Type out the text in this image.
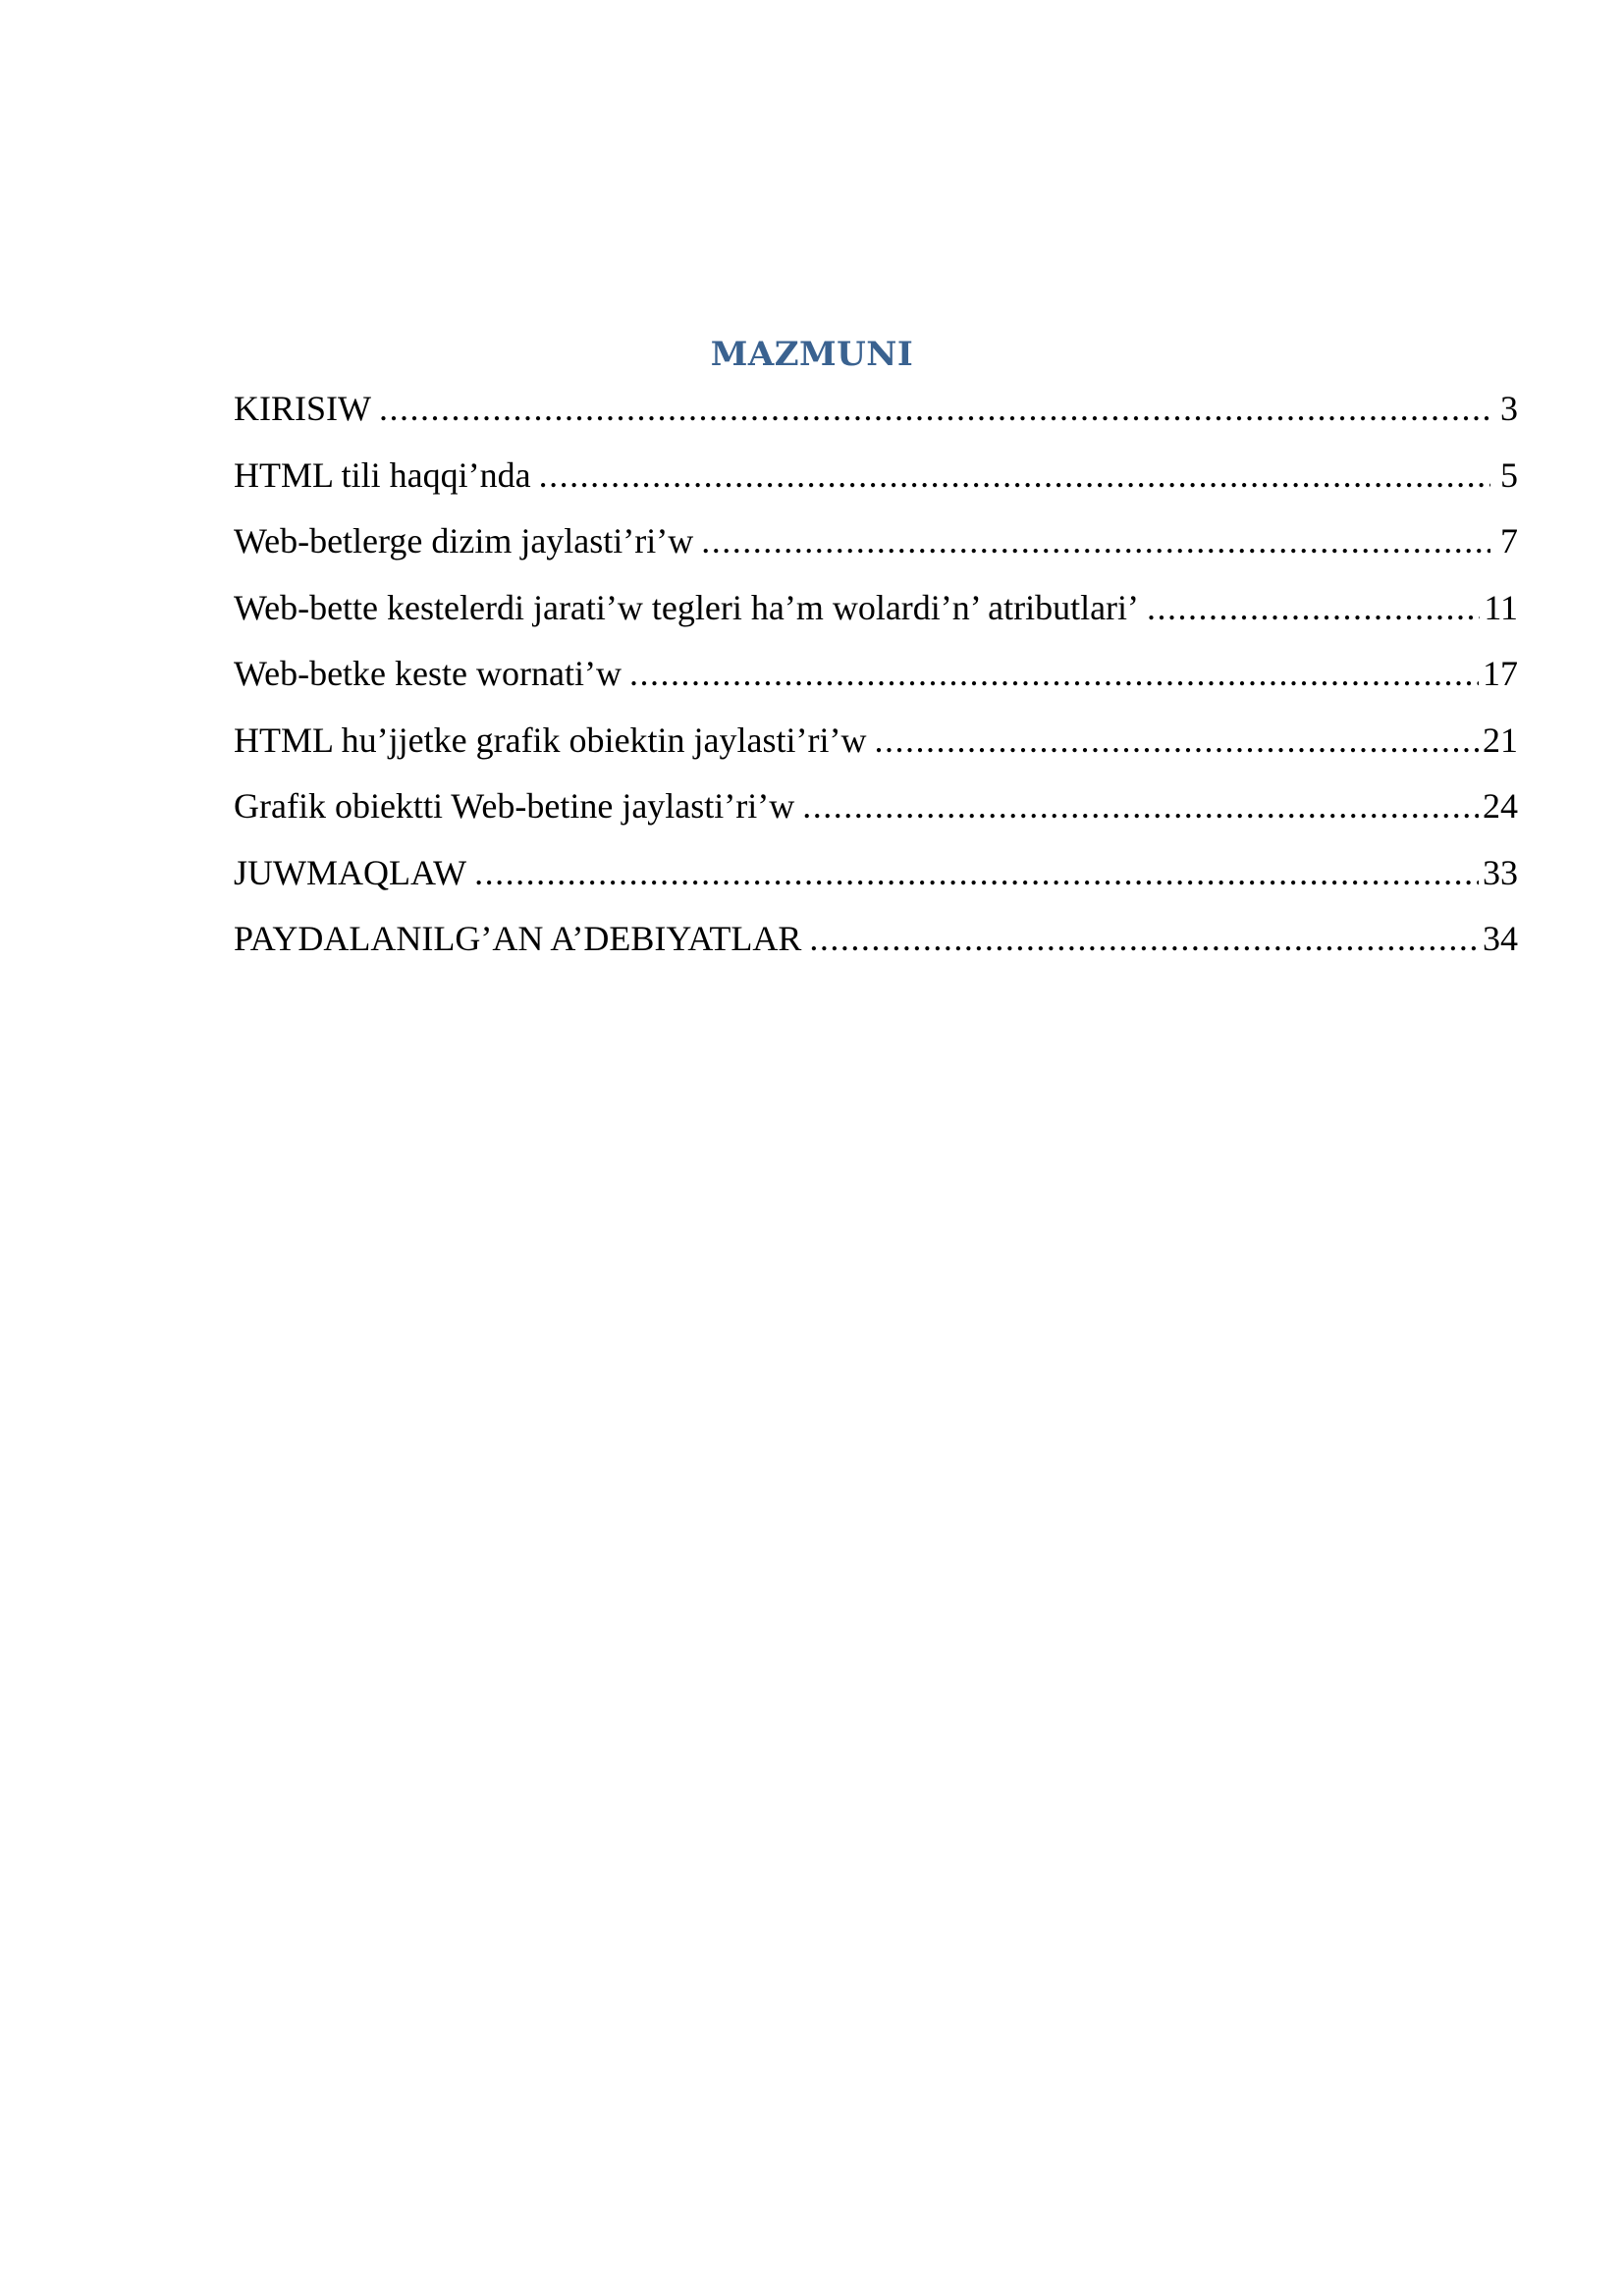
MAZMUNI
KIRISIW .....	3
HTML tili haqqi’nda .....	5
Web-betlerge dizim jaylasti’ri’w .....	7
Web-bette kestelerdi jarati’w tegleri ha’m wolardi’n’ atributlari’ .....	11
Web-betke keste wornati’w .....	17
HTML hu’jjetke grafik obiektin jaylasti’ri’w .....	21
Grafik obiektti Web-betine jaylasti’ri’w .....	24
JUWMAQLAW .....	33
PAYDALANILG’AN A’DEBIYATLAR .....	34
